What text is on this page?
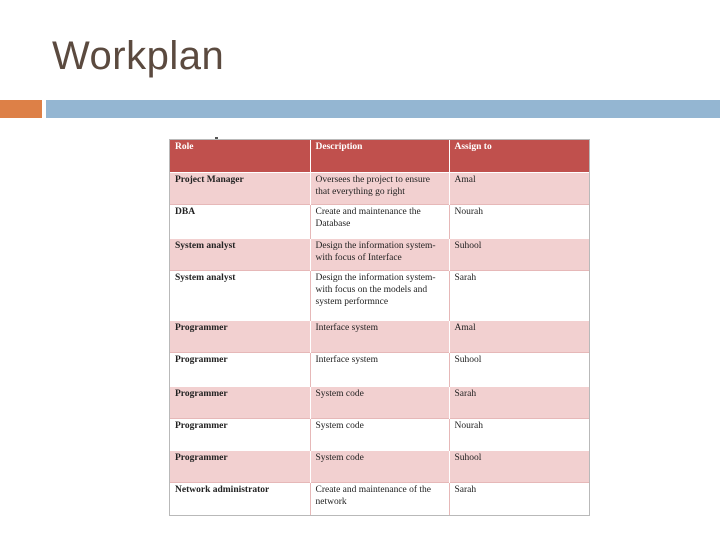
Workplan
Role	Description	Assign to
Project Manager	Oversees the project to ensure that everything go right	Amal
DBA	Create and maintenance the Database	Nourah
System analyst	Design the information system-with focus of Interface	Suhool
System analyst	Design the information system-with focus on the models and system performnce	Sarah
Programmer	Interface system	Amal
Programmer	Interface system	Suhool
Programmer	System code	Sarah
Programmer	System code	Nourah
Programmer	System code	Suhool
Network administrator	Create and maintenance of the network	Sarah
